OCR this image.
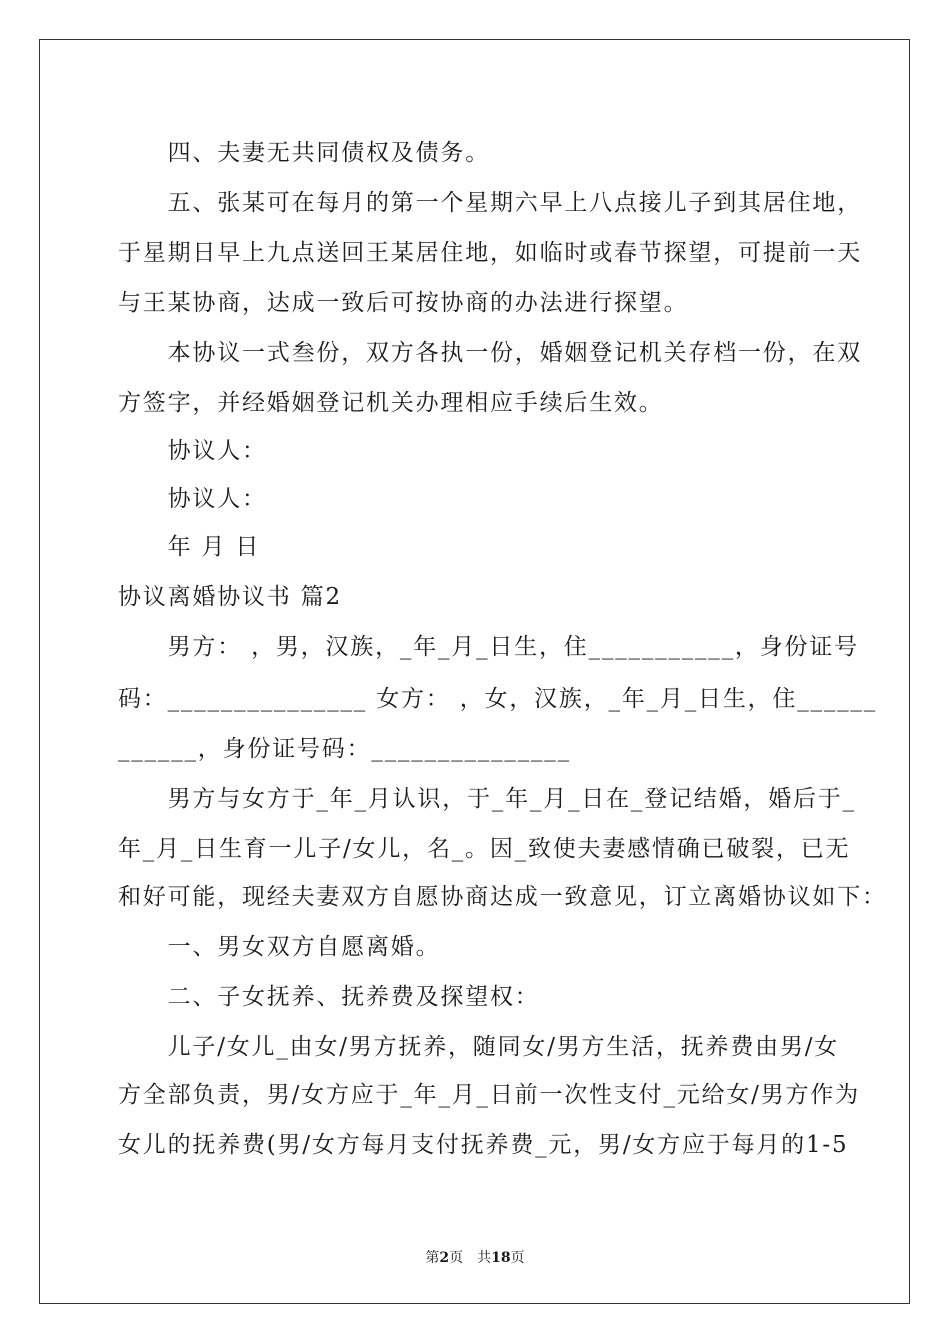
　　四、夫妻无共同债权及债务。
　　五、张某可在每月的第一个星期六早上八点接儿子到其居住地，
于星期日早上九点送回王某居住地，如临时或春节探望，可提前一天
与王某协商，达成一致后可按协商的办法进行探望。
　　本协议一式叁份，双方各执一份，婚姻登记机关存档一份，在双
方签字，并经婚姻登记机关办理相应手续后生效。
　　协议人：
　　协议人：
　　年 月 日
协议离婚协议书 篇2
　　男方： ，男，汉族，_年_月_日生，住___________，身份证号
码：_______________ 女方： ，女，汉族，_年_月_日生，住______
______，身份证号码：_______________
　　男方与女方于_年_月认识，于_年_月_日在_登记结婚，婚后于_
年_月_日生育一儿子/女儿，名_。因_致使夫妻感情确已破裂，已无
和好可能，现经夫妻双方自愿协商达成一致意见，订立离婚协议如下：
　　一、男女双方自愿离婚。
　　二、子女抚养、抚养费及探望权：
　　儿子/女儿_由女/男方抚养，随同女/男方生活，抚养费由男/女
方全部负责，男/女方应于_年_月_日前一次性支付_元给女/男方作为
女儿的抚养费(男/女方每月支付抚养费_元，男/女方应于每月的1-5
第2页　共18页
